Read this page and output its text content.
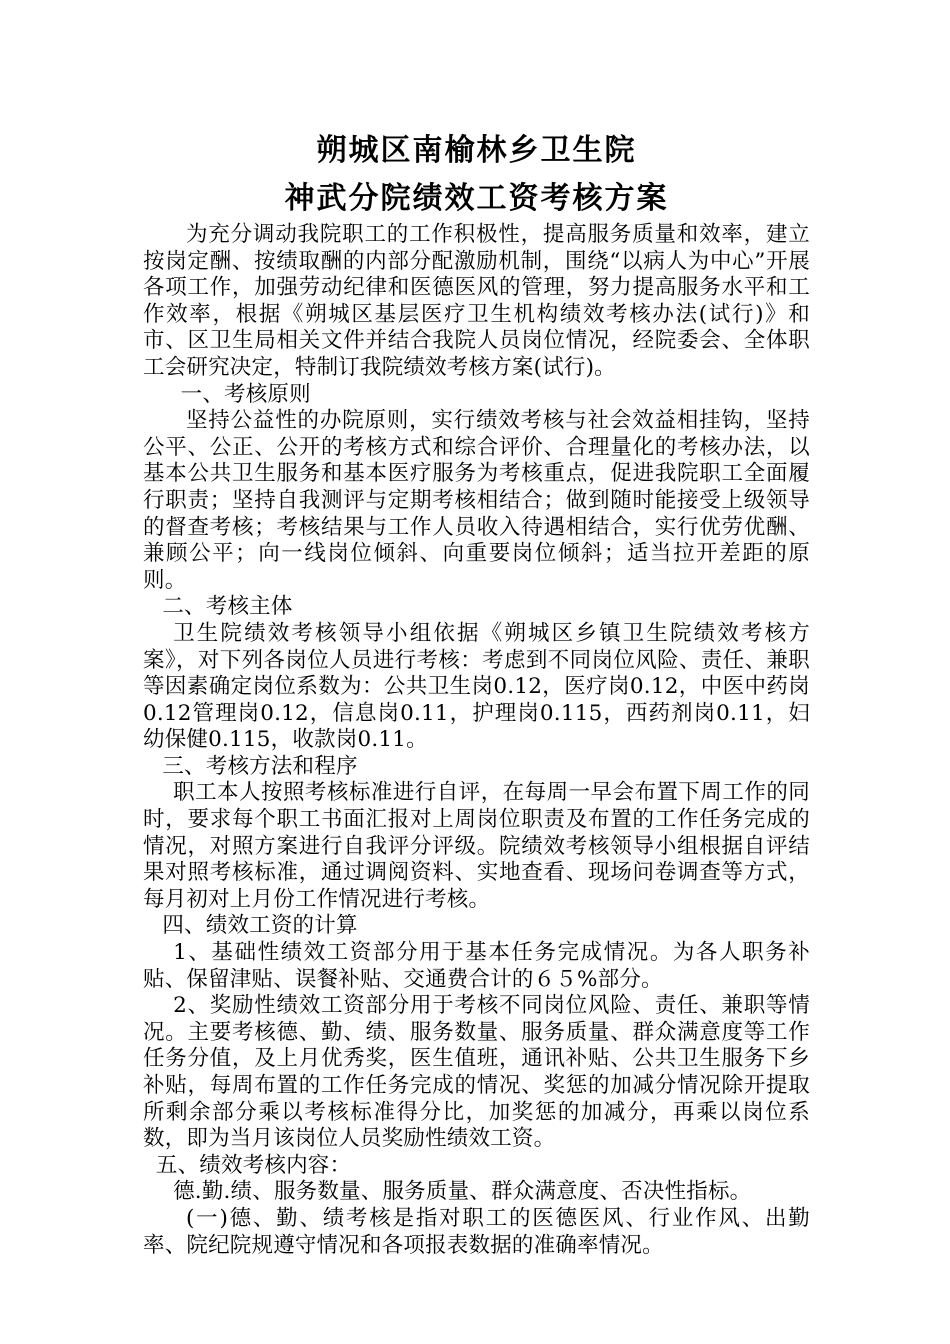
朔城区南榆林乡卫生院
神武分院绩效工资考核方案

为充分调动我院职工的工作积极性，提高服务质量和效率，建立按岗定酬、按绩取酬的内部分配激励机制，围绕“以病人为中心”开展各项工作，加强劳动纪律和医德医风的管理，努力提高服务水平和工作效率，根据《朔城区基层医疗卫生机构绩效考核办法(试行)》和市、区卫生局相关文件并结合我院人员岗位情况，经院委会、全体职工会研究决定，特制订我院绩效考核方案(试行)。

一、考核原则

坚持公益性的办院原则，实行绩效考核与社会效益相挂钩，坚持公平、公正、公开的考核方式和综合评价、合理量化的考核办法，以基本公共卫生服务和基本医疗服务为考核重点，促进我院职工全面履行职责；坚持自我测评与定期考核相结合；做到随时能接受上级领导的督查考核；考核结果与工作人员收入待遇相结合，实行优劳优酬、兼顾公平；向一线岗位倾斜、向重要岗位倾斜；适当拉开差距的原则。

二、考核主体

卫生院绩效考核领导小组依据《朔城区乡镇卫生院绩效考核方案》，对下列各岗位人员进行考核：考虑到不同岗位风险、责任、兼职等因素确定岗位系数为：公共卫生岗0.12，医疗岗0.12，中医中药岗0.12管理岗0.12，信息岗0.11，护理岗0.115，西药剂岗0.11，妇幼保健0.115，收款岗0.11。

三、考核方法和程序

职工本人按照考核标准进行自评，在每周一早会布置下周工作的同时，要求每个职工书面汇报对上周岗位职责及布置的工作任务完成的情况，对照方案进行自我评分评级。院绩效考核领导小组根据自评结果对照考核标准，通过调阅资料、实地查看、现场问卷调查等方式，每月初对上月份工作情况进行考核。

四、绩效工资的计算

1、基础性绩效工资部分用于基本任务完成情况。为各人职务补贴、保留津贴、误餐补贴、交通费合计的６５%部分。

2、奖励性绩效工资部分用于考核不同岗位风险、责任、兼职等情况。主要考核德、勤、绩、服务数量、服务质量、群众满意度等工作任务分值，及上月优秀奖，医生值班，通讯补贴、公共卫生服务下乡补贴，每周布置的工作任务完成的情况、奖惩的加减分情况除开提取所剩余部分乘以考核标准得分比，加奖惩的加减分，再乘以岗位系数，即为当月该岗位人员奖励性绩效工资。

五、绩效考核内容：

德.勤.绩、服务数量、服务质量、群众满意度、否决性指标。

(一)德、勤、绩考核是指对职工的医德医风、行业作风、出勤率、院纪院规遵守情况和各项报表数据的准确率情况。
